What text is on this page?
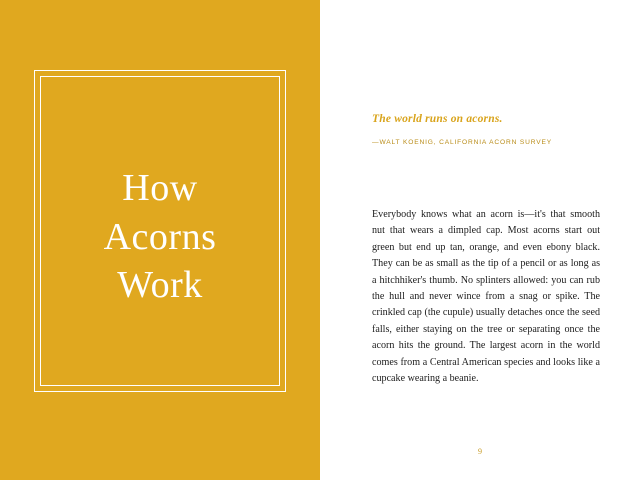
How
Acorns
Work
9

The world runs on acorns.

—WALT KOENIG, CALIFORNIA ACORN SURVEY

Everybody knows what an acorn is—it's that smooth nut that wears a dimpled cap. Most acorns start out green but end up tan, orange, and even ebony black. They can be as small as the tip of a pencil or as long as a hitchhiker's thumb. No splinters allowed: you can rub the hull and never wince from a snag or spike. The crinkled cap (the cupule) usually detaches once the seed falls, either staying on the tree or separating once the acorn hits the ground. The largest acorn in the world comes from a Central American species and looks like a cupcake wearing a beanie.
